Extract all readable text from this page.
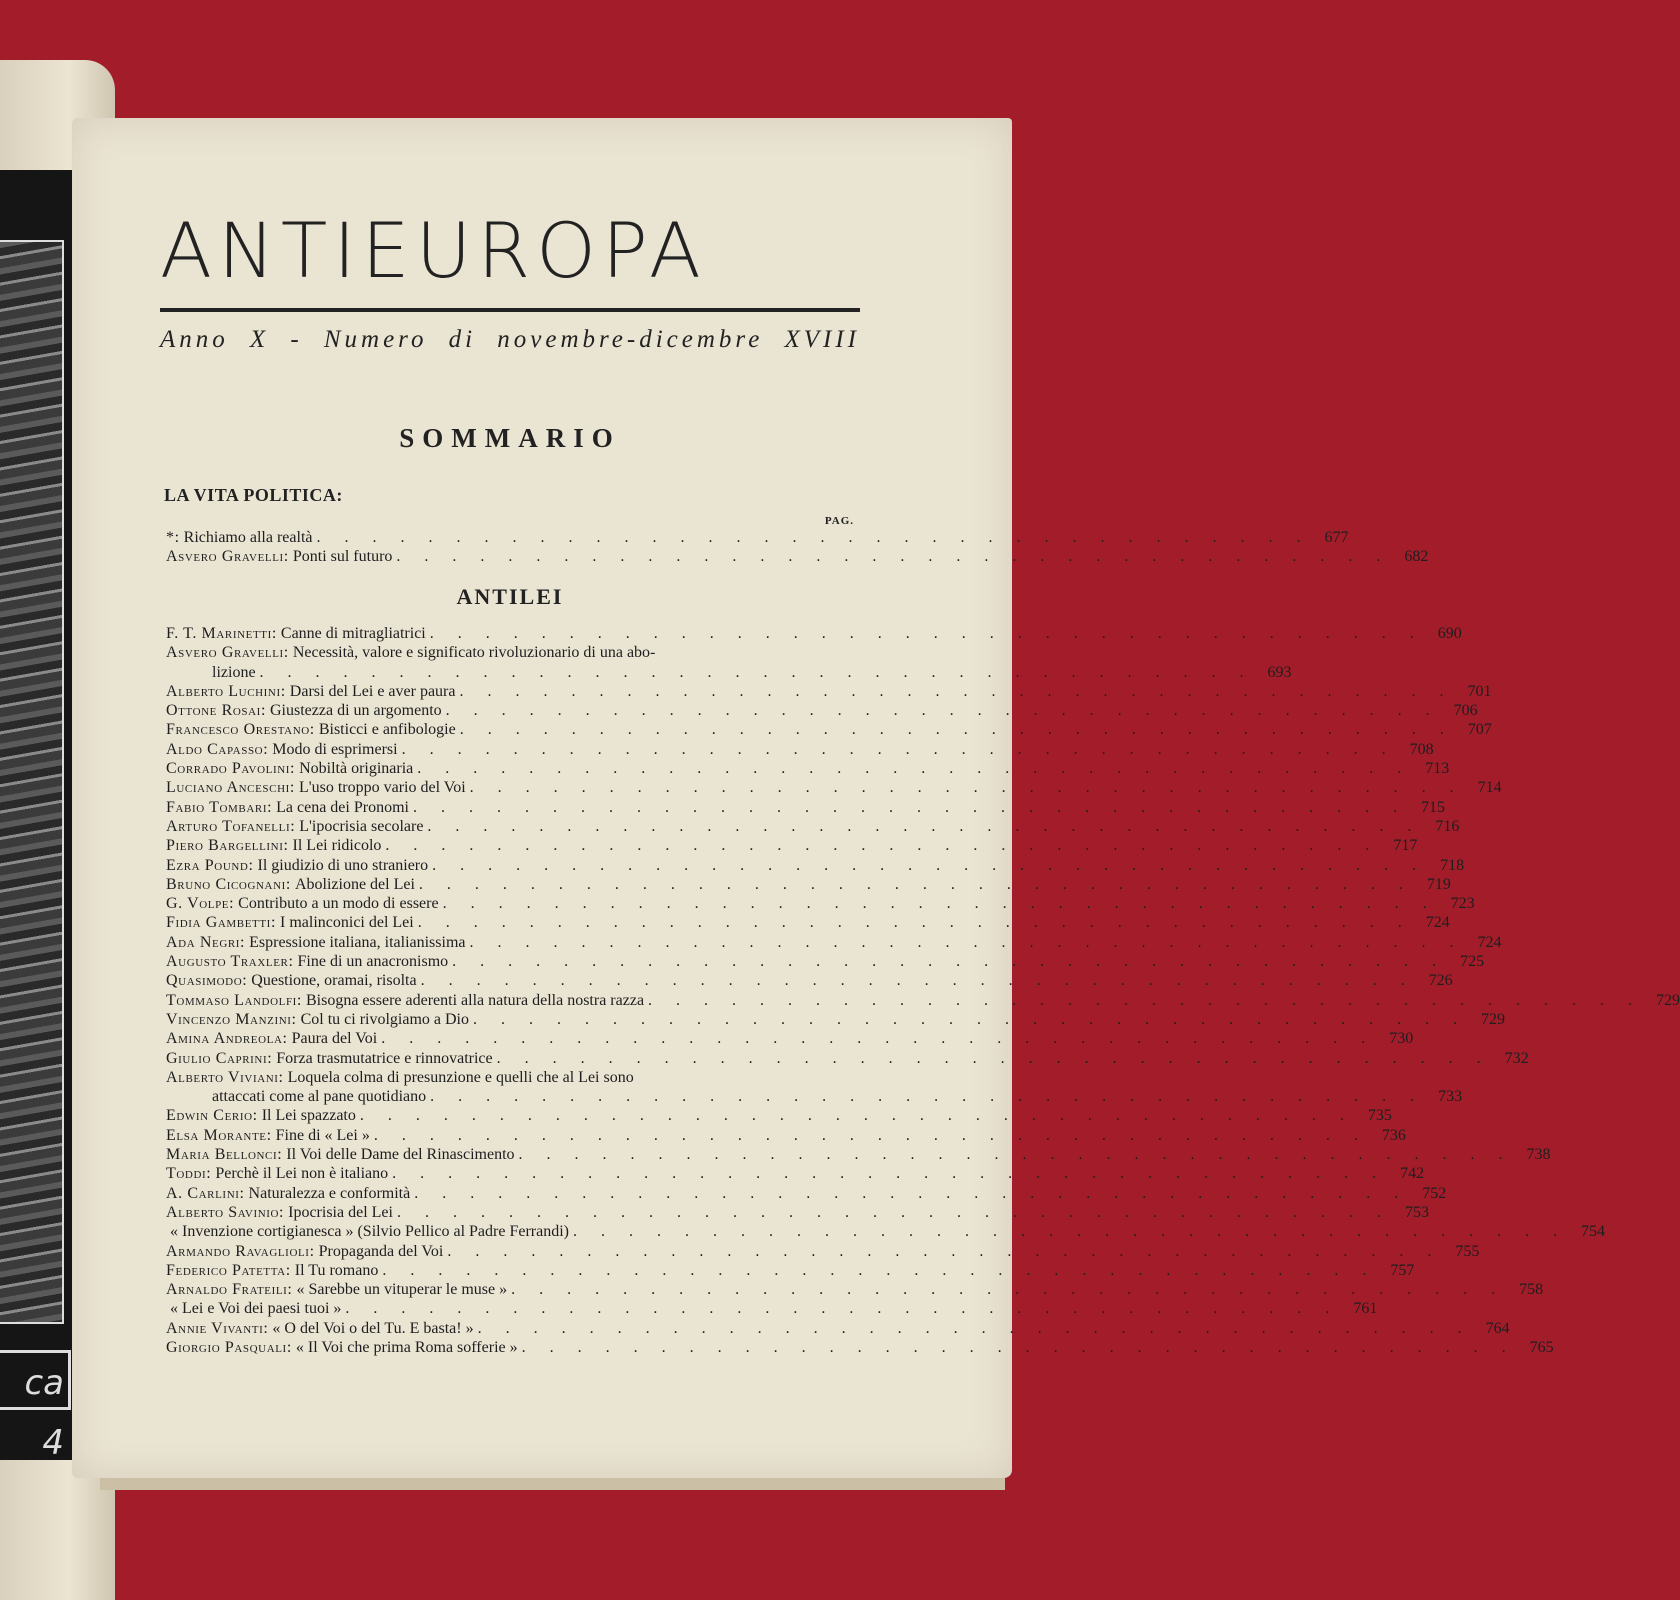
ca 4
ANTIEUROPA
Anno X - Numero di novembre-dicembre XVIII
SOMMARIO
LA VITA POLITICA:
PAG.
*: Richiamo alla realtà . . . . . . . . . . . . . . . . . . . . . . . . . . . . . . . . . . . . 677
Asvero Gravelli: Ponti sul futuro . . . . . . . . . . . . . . . . . . . . . . . . . . . . . . . . . . . . 682
ANTILEI
F. T. Marinetti: Canne di mitragliatrici . . . . . . . . . . . . . . . . . . . . . . . . . . . . . . . . . . . . 690
Asvero Gravelli: Necessità, valore e significato rivoluzionario di una abo-
lizione . . . . . . . . . . . . . . . . . . . . . . . . . . . . . . . . . . . . 693
Alberto Luchini: Darsi del Lei e aver paura . . . . . . . . . . . . . . . . . . . . . . . . . . . . . . . . . . . . 701
Ottone Rosai: Giustezza di un argomento . . . . . . . . . . . . . . . . . . . . . . . . . . . . . . . . . . . . 706
Francesco Orestano: Bisticci e anfibologie . . . . . . . . . . . . . . . . . . . . . . . . . . . . . . . . . . . . 707
Aldo Capasso: Modo di esprimersi . . . . . . . . . . . . . . . . . . . . . . . . . . . . . . . . . . . . 708
Corrado Pavolini: Nobiltà originaria . . . . . . . . . . . . . . . . . . . . . . . . . . . . . . . . . . . . 713
Luciano Anceschi: L'uso troppo vario del Voi . . . . . . . . . . . . . . . . . . . . . . . . . . . . . . . . . . . . 714
Fabio Tombari: La cena dei Pronomi . . . . . . . . . . . . . . . . . . . . . . . . . . . . . . . . . . . . 715
Arturo Tofanelli: L'ipocrisia secolare . . . . . . . . . . . . . . . . . . . . . . . . . . . . . . . . . . . . 716
Piero Bargellini: Il Lei ridicolo . . . . . . . . . . . . . . . . . . . . . . . . . . . . . . . . . . . . 717
Ezra Pound: Il giudizio di uno straniero . . . . . . . . . . . . . . . . . . . . . . . . . . . . . . . . . . . . 718
Bruno Cicognani: Abolizione del Lei . . . . . . . . . . . . . . . . . . . . . . . . . . . . . . . . . . . . 719
G. Volpe: Contributo a un modo di essere . . . . . . . . . . . . . . . . . . . . . . . . . . . . . . . . . . . . 723
Fidia Gambetti: I malinconici del Lei . . . . . . . . . . . . . . . . . . . . . . . . . . . . . . . . . . . . 724
Ada Negri: Espressione italiana, italianissima . . . . . . . . . . . . . . . . . . . . . . . . . . . . . . . . . . . . 724
Augusto Traxler: Fine di un anacronismo . . . . . . . . . . . . . . . . . . . . . . . . . . . . . . . . . . . . 725
Quasimodo: Questione, oramai, risolta . . . . . . . . . . . . . . . . . . . . . . . . . . . . . . . . . . . . 726
Tommaso Landolfi: Bisogna essere aderenti alla natura della nostra razza . . . . . . . . . . . . . . . . . . . . . . . . . . . . . . . . . . . . 729
Vincenzo Manzini: Col tu ci rivolgiamo a Dio . . . . . . . . . . . . . . . . . . . . . . . . . . . . . . . . . . . . 729
Amina Andreola: Paura del Voi . . . . . . . . . . . . . . . . . . . . . . . . . . . . . . . . . . . . 730
Giulio Caprini: Forza trasmutatrice e rinnovatrice . . . . . . . . . . . . . . . . . . . . . . . . . . . . . . . . . . . . 732
Alberto Viviani: Loquela colma di presunzione e quelli che al Lei sono
attaccati come al pane quotidiano . . . . . . . . . . . . . . . . . . . . . . . . . . . . . . . . . . . . 733
Edwin Cerio: Il Lei spazzato . . . . . . . . . . . . . . . . . . . . . . . . . . . . . . . . . . . . 735
Elsa Morante: Fine di « Lei » . . . . . . . . . . . . . . . . . . . . . . . . . . . . . . . . . . . . 736
Maria Bellonci: Il Voi delle Dame del Rinascimento . . . . . . . . . . . . . . . . . . . . . . . . . . . . . . . . . . . . 738
Toddi: Perchè il Lei non è italiano . . . . . . . . . . . . . . . . . . . . . . . . . . . . . . . . . . . . 742
A. Carlini: Naturalezza e conformità . . . . . . . . . . . . . . . . . . . . . . . . . . . . . . . . . . . . 752
Alberto Savinio: Ipocrisia del Lei . . . . . . . . . . . . . . . . . . . . . . . . . . . . . . . . . . . . 753
« Invenzione cortigianesca » (Silvio Pellico al Padre Ferrandi) . . . . . . . . . . . . . . . . . . . . . . . . . . . . . . . . . . . . 754
Armando Ravaglioli: Propaganda del Voi . . . . . . . . . . . . . . . . . . . . . . . . . . . . . . . . . . . . 755
Federico Patetta: Il Tu romano . . . . . . . . . . . . . . . . . . . . . . . . . . . . . . . . . . . . 757
Arnaldo Frateili: « Sarebbe un vituperar le muse » . . . . . . . . . . . . . . . . . . . . . . . . . . . . . . . . . . . . 758
« Lei e Voi dei paesi tuoi » . . . . . . . . . . . . . . . . . . . . . . . . . . . . . . . . . . . . 761
Annie Vivanti: « O del Voi o del Tu. E basta! » . . . . . . . . . . . . . . . . . . . . . . . . . . . . . . . . . . . . 764
Giorgio Pasquali: « Il Voi che prima Roma sofferie » . . . . . . . . . . . . . . . . . . . . . . . . . . . . . . . . . . . . 765
